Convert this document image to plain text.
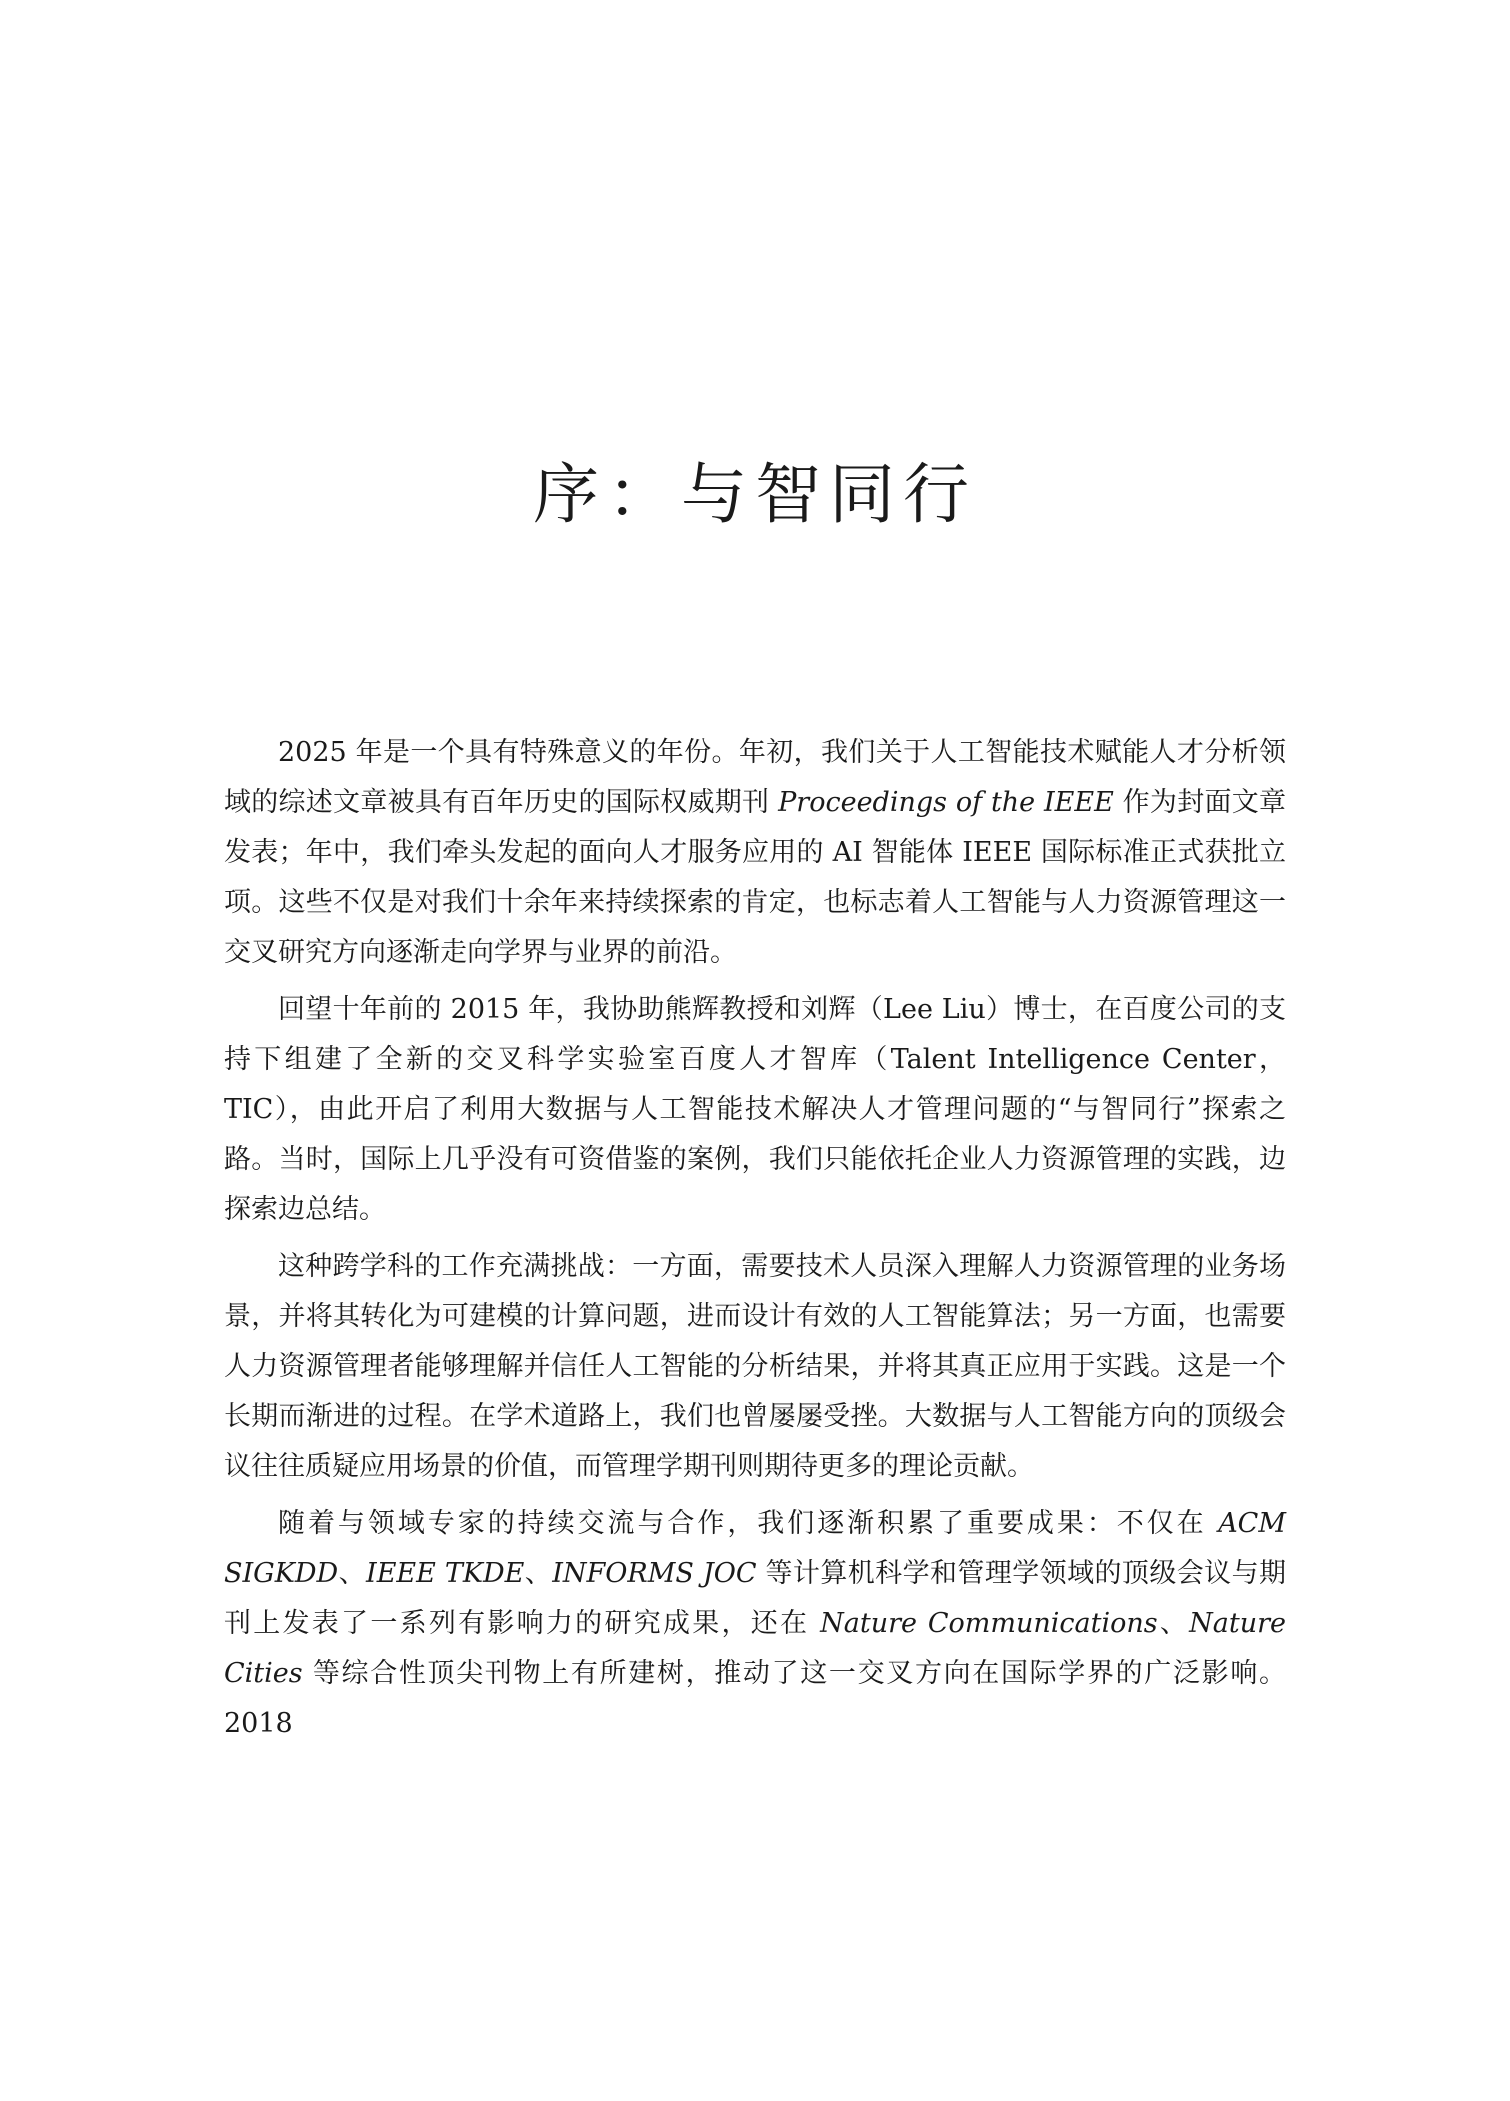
序：与智同行

2025 年是一个具有特殊意义的年份。年初，我们关于人工智能技术赋能人才分析领域的综述文章被具有百年历史的国际权威期刊 Proceedings of the IEEE 作为封面文章发表；年中，我们牵头发起的面向人才服务应用的 AI 智能体 IEEE 国际标准正式获批立项。这些不仅是对我们十余年来持续探索的肯定，也标志着人工智能与人力资源管理这一交叉研究方向逐渐走向学界与业界的前沿。

回望十年前的 2015 年，我协助熊辉教授和刘辉（Lee Liu）博士，在百度公司的支持下组建了全新的交叉科学实验室百度人才智库（Talent Intelligence Center，TIC），由此开启了利用大数据与人工智能技术解决人才管理问题的“与智同行”探索之路。当时，国际上几乎没有可资借鉴的案例，我们只能依托企业人力资源管理的实践，边探索边总结。

这种跨学科的工作充满挑战：一方面，需要技术人员深入理解人力资源管理的业务场景，并将其转化为可建模的计算问题，进而设计有效的人工智能算法；另一方面，也需要人力资源管理者能够理解并信任人工智能的分析结果，并将其真正应用于实践。这是一个长期而渐进的过程。在学术道路上，我们也曾屡屡受挫。大数据与人工智能方向的顶级会议往往质疑应用场景的价值，而管理学期刊则期待更多的理论贡献。

随着与领域专家的持续交流与合作，我们逐渐积累了重要成果：不仅在 ACM SIGKDD、IEEE TKDE、INFORMS JOC 等计算机科学和管理学领域的顶级会议与期刊上发表了一系列有影响力的研究成果，还在 Nature Communications、Nature Cities 等综合性顶尖刊物上有所建树，推动了这一交叉方向在国际学界的广泛影响。2018
